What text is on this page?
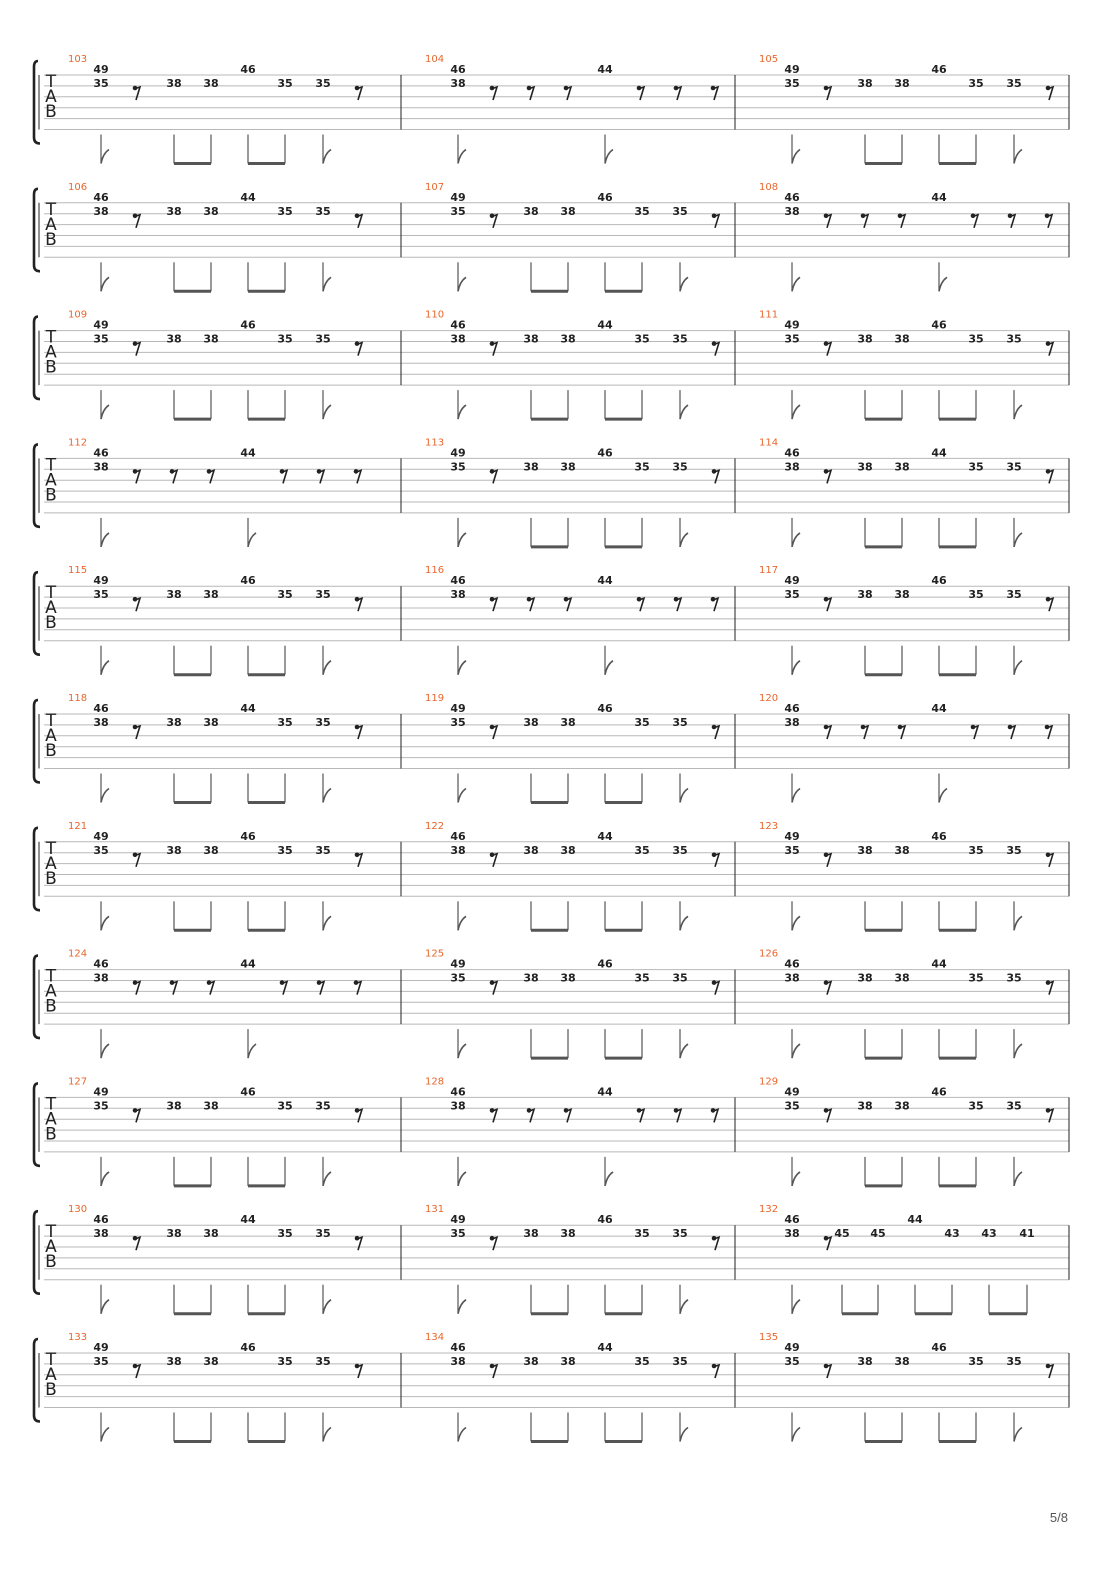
T
A
B
103
49
35	38 38
46
35 35
104
46
38
44
105
49
35	38 38
46
35 35
T
A
B
106
46
38	38 38
44
35 35
107
49
35	38 38
46
35 35
108
46
38
44
T
A
B
109
49
35	38 38
46
35 35
110
46
38	38 38
44
35 35
111
49
35	38 38
46
35 35
T
A
B
112
46
38
44
113
49
35	38 38
46
35 35
114
46
38	38 38
44
35 35
T
A
B
115
49
35	38 38
46
35 35
116
46
38
44
117
49
35	38 38
46
35 35
T
A
B
118
46
38	38 38
44
35 35
119
49
35	38 38
46
35 35
120
46
38
44
T
A
B
121
49
35	38 38
46
35 35
122
46
38	38 38
44
35 35
123
49
35	38 38
46
35 35
T
A
B
124
46
38
44
125
49
35	38 38
46
35 35
126
46
38	38 38
44
35 35
T
A
B
127
49
35	38 38
46
35 35
128
46
38
44
129
49
35	38 38
46
35 35
T
A
B
130
46
38	38 38
44
35 35
131
49
35	38 38
46
35 35
132
46
38	45 45
44
43 43 41
T
A
B
133
49
35	38 38
46
35 35
134
46
38	38 38
44
35 35
135
49
35	38 38
46
35 35
5/8
